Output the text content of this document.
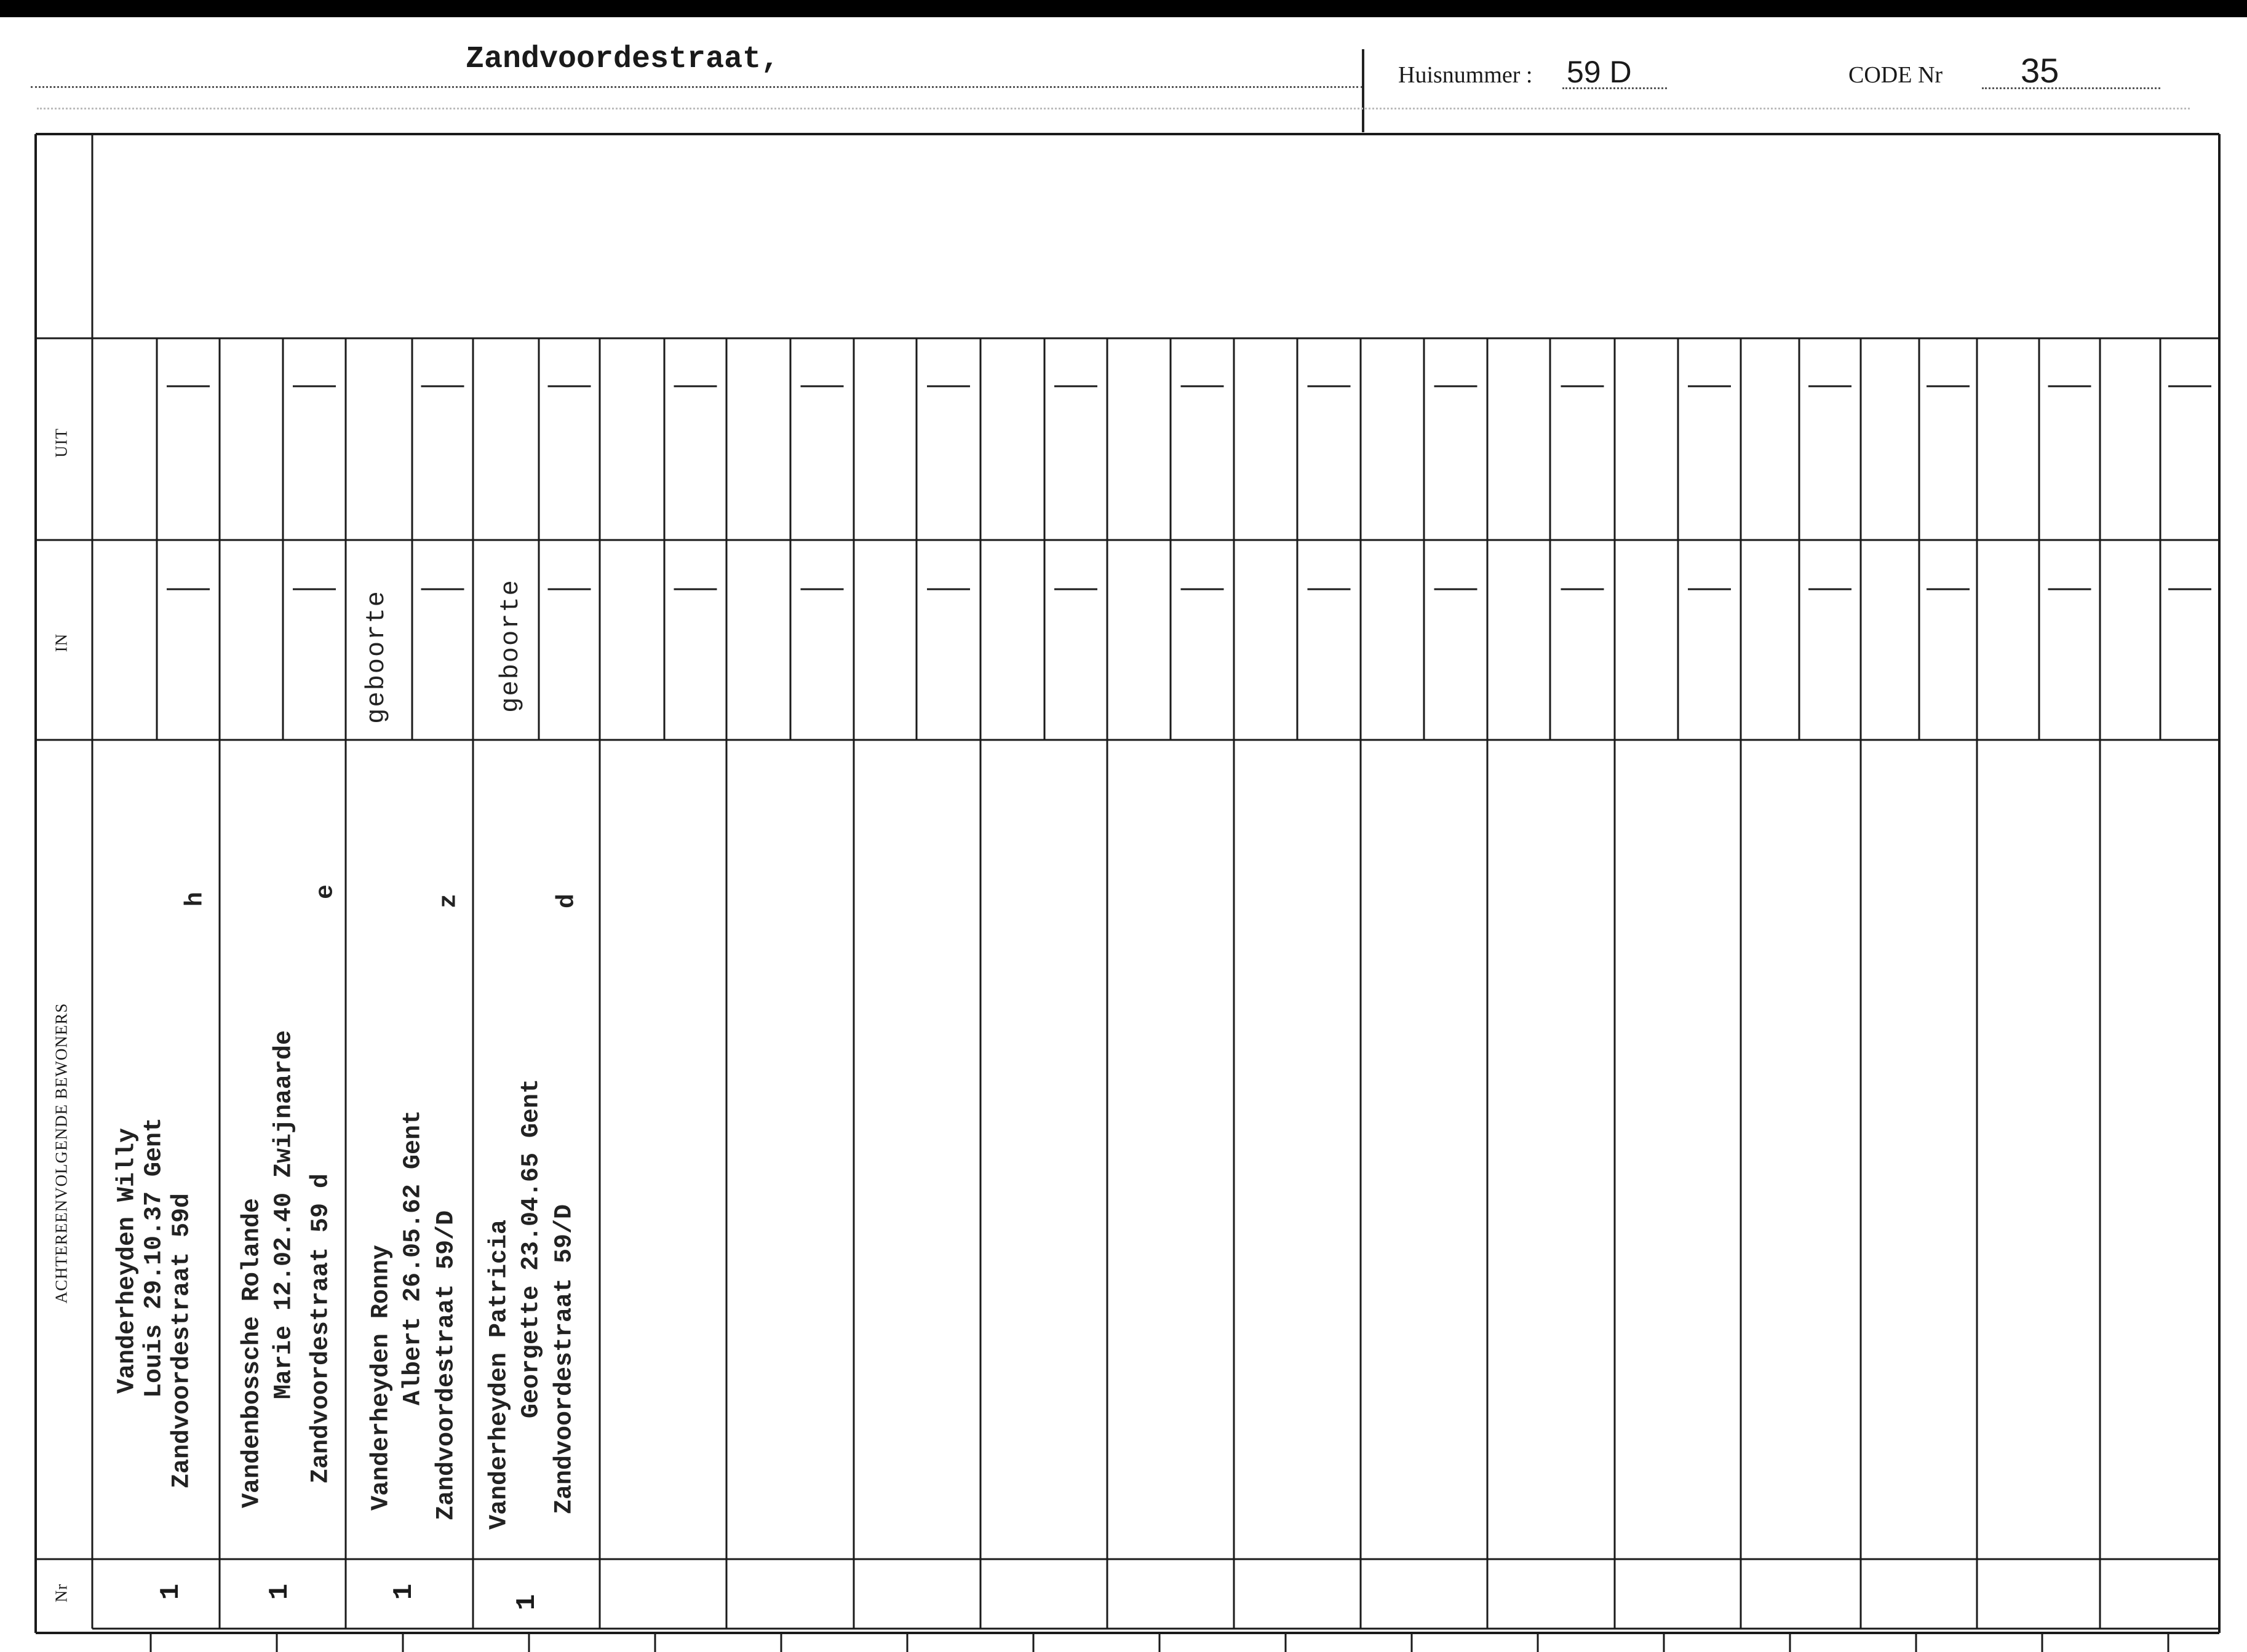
Zandvoordestraat,	Huisnummer : 59 D	CODE Nr 35
UIT
IN
ACHTEREENVOLGENDE BEWONERS
Nr
Vanderheyden Willy Louis 29.10.37 Gent Zandvoordestraat 59d
h
1
Vandenbossche Rolande Marie 12.02.40 Zwijnaarde Zandvoordestraat 59 d
e
1
Vanderheyden Ronny Albert 26.05.62 Gent Zandvoordestraat 59/D
z
1
geboorte
Vanderheyden Patricia Georgette 23.04.65 Gent Zandvoordestraat 59/D
d
1
geboorte
